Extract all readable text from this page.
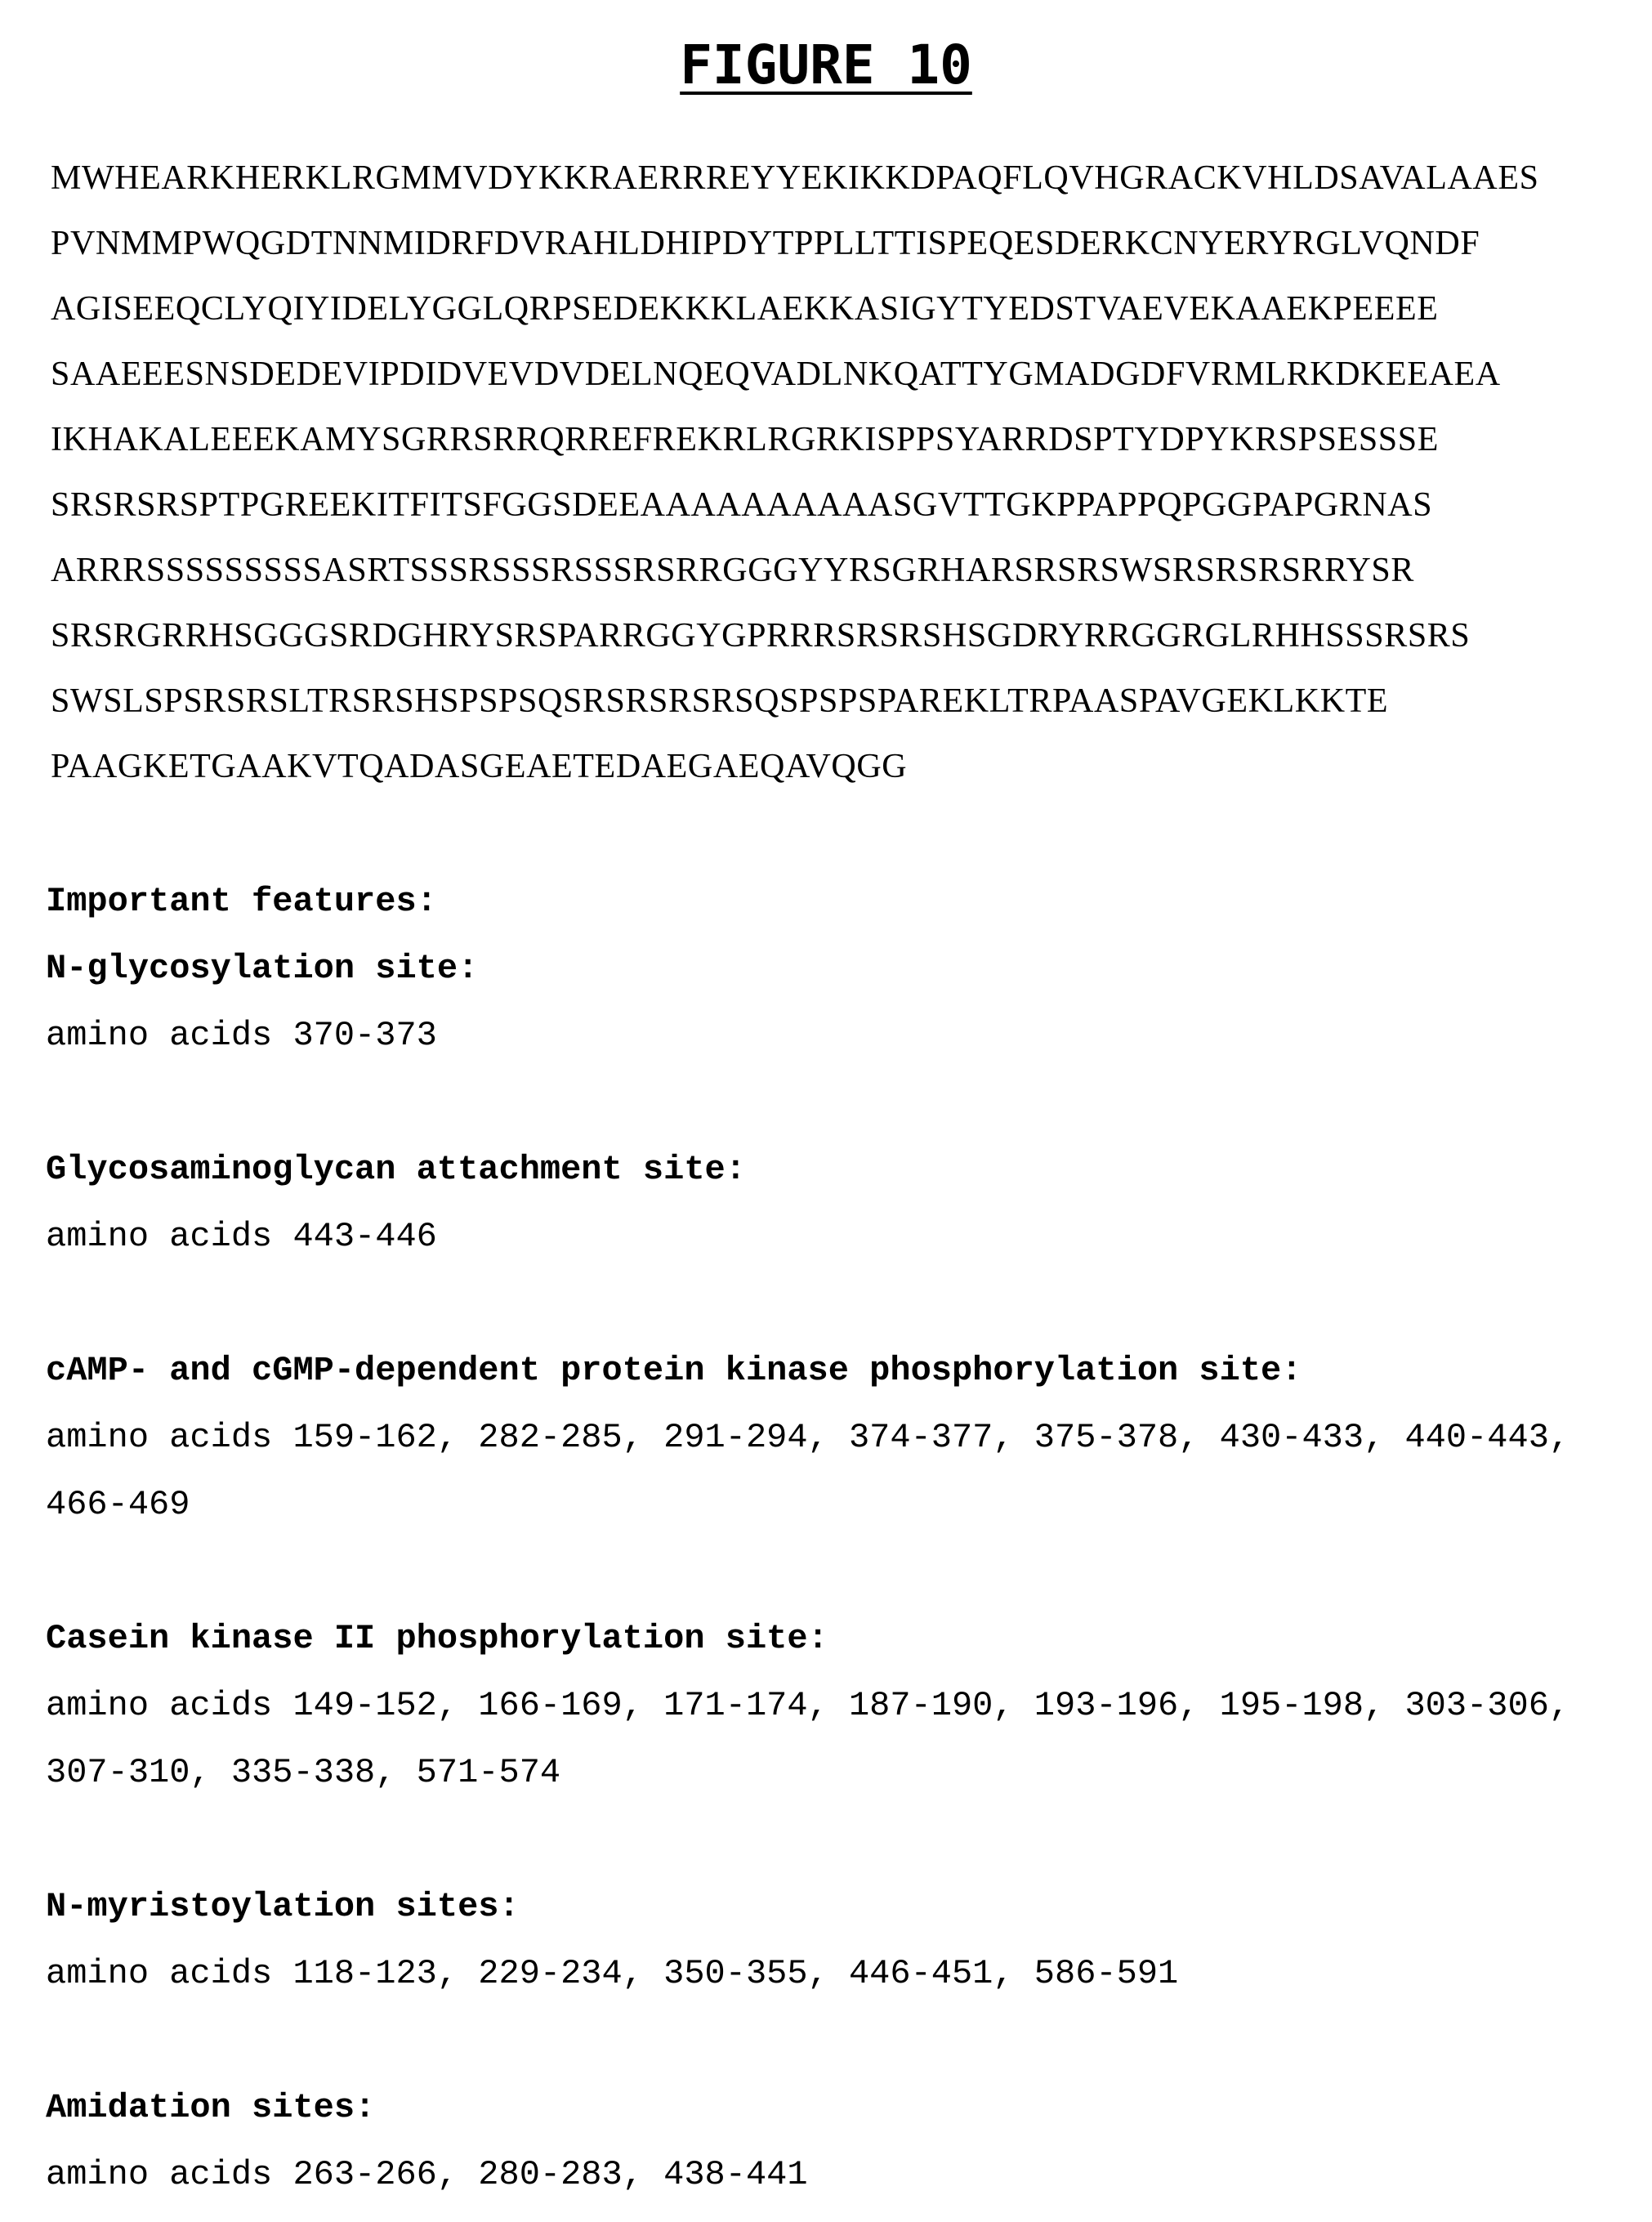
FIGURE 10
MWHEARKHERKLRGMMVDYKKRAERRREYYEKIKKDPAQFLQVHGRACKVHLDSAVALAAES
PVNMMPWQGDTNNMIDRFDVRAHLDHIPDYTPPLLTTISPEQESDERKCNYERYRGLVQNDF
AGISEEQCLYQIYIDELYGGLQRPSEDEKKKLAEKKASIGYTYEDSTVAEVEKAAEKPEEEE
SAAEEESNSDEDEVIPDIDVEVDVDELNQEQVADLNKQATTYGMADGDFVRMLRKDKEEAEA
IKHAKALEEEKAMYSGRRSRRQRREFREKRLRGRKISPPSYARRDSPTYDPYKRSPSESSSE
SRSRSRSPTPGREEKITFITSFGGSDEEAAAAAAAAAASGVTTGKPPAPPQPGGPAPGRNAS
ARRRSSSSSSSSSASRTSSSRSSSRSSSRSRRGGGYYRSGRHARSRSRSWSRSRSRSRRYSR
SRSRGRRHSGGGSRDGHRYSRSPARRGGYGPRRRSRSRSHSGDRYRRGGRGLRHHSSSRSRS
SWSLSPSRSRSLTRSRSHSPSPSQSRSRSRSRSQSPSPSPAREKLTRPAASPAVGEKLKKTE
PAAGKETGAAKVTQADASGEAETEDAEGAEQAVQGG

Important features:

N-glycosylation site:

amino acids 370-373

Glycosaminoglycan attachment site:

amino acids 443-446

cAMP- and cGMP-dependent protein kinase phosphorylation site:

amino acids 159-162, 282-285, 291-294, 374-377, 375-378, 430-433, 440-443, 466-469

Casein kinase II phosphorylation site:

amino acids 149-152, 166-169, 171-174, 187-190, 193-196, 195-198, 303-306, 307-310, 335-338, 571-574

N-myristoylation sites:

amino acids 118-123, 229-234, 350-355, 446-451, 586-591

Amidation sites:

amino acids 263-266, 280-283, 438-441
